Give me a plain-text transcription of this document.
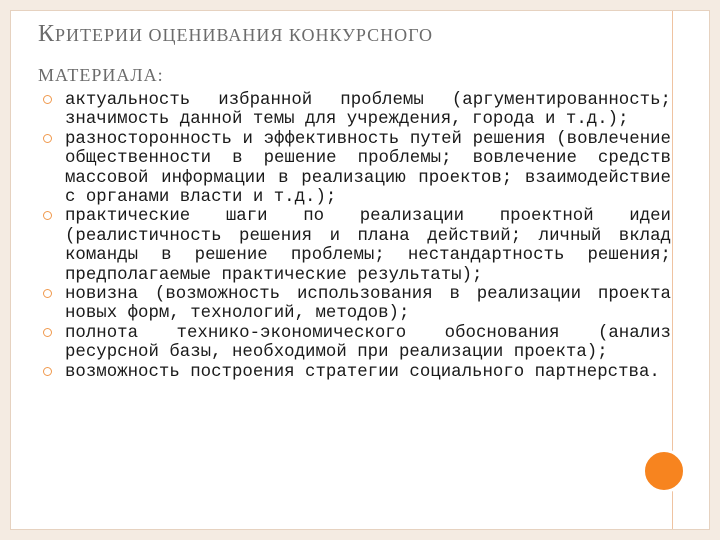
КРИТЕРИИ ОЦЕНИВАНИЯ КОНКУРСНОГО
МАТЕРИАЛА:
актуальность избранной проблемы (аргументированность; значимость данной темы для учреждения, города и т.д.);
разносторонность и эффективность путей решения (вовлечение общественности в решение проблемы; вовлечение средств массовой информации в реализацию проектов; взаимодействие с органами власти и т.д.);
практические шаги по реализации проектной идеи (реалистичность решения и плана действий; личный вклад команды в решение проблемы; нестандартность решения; предполагаемые практические результаты);
новизна (возможность использования в реализации проекта новых форм, технологий, методов);
полнота технико-экономического обоснования (анализ ресурсной базы, необходимой при реализации проекта);
возможность построения стратегии социального партнерства.
